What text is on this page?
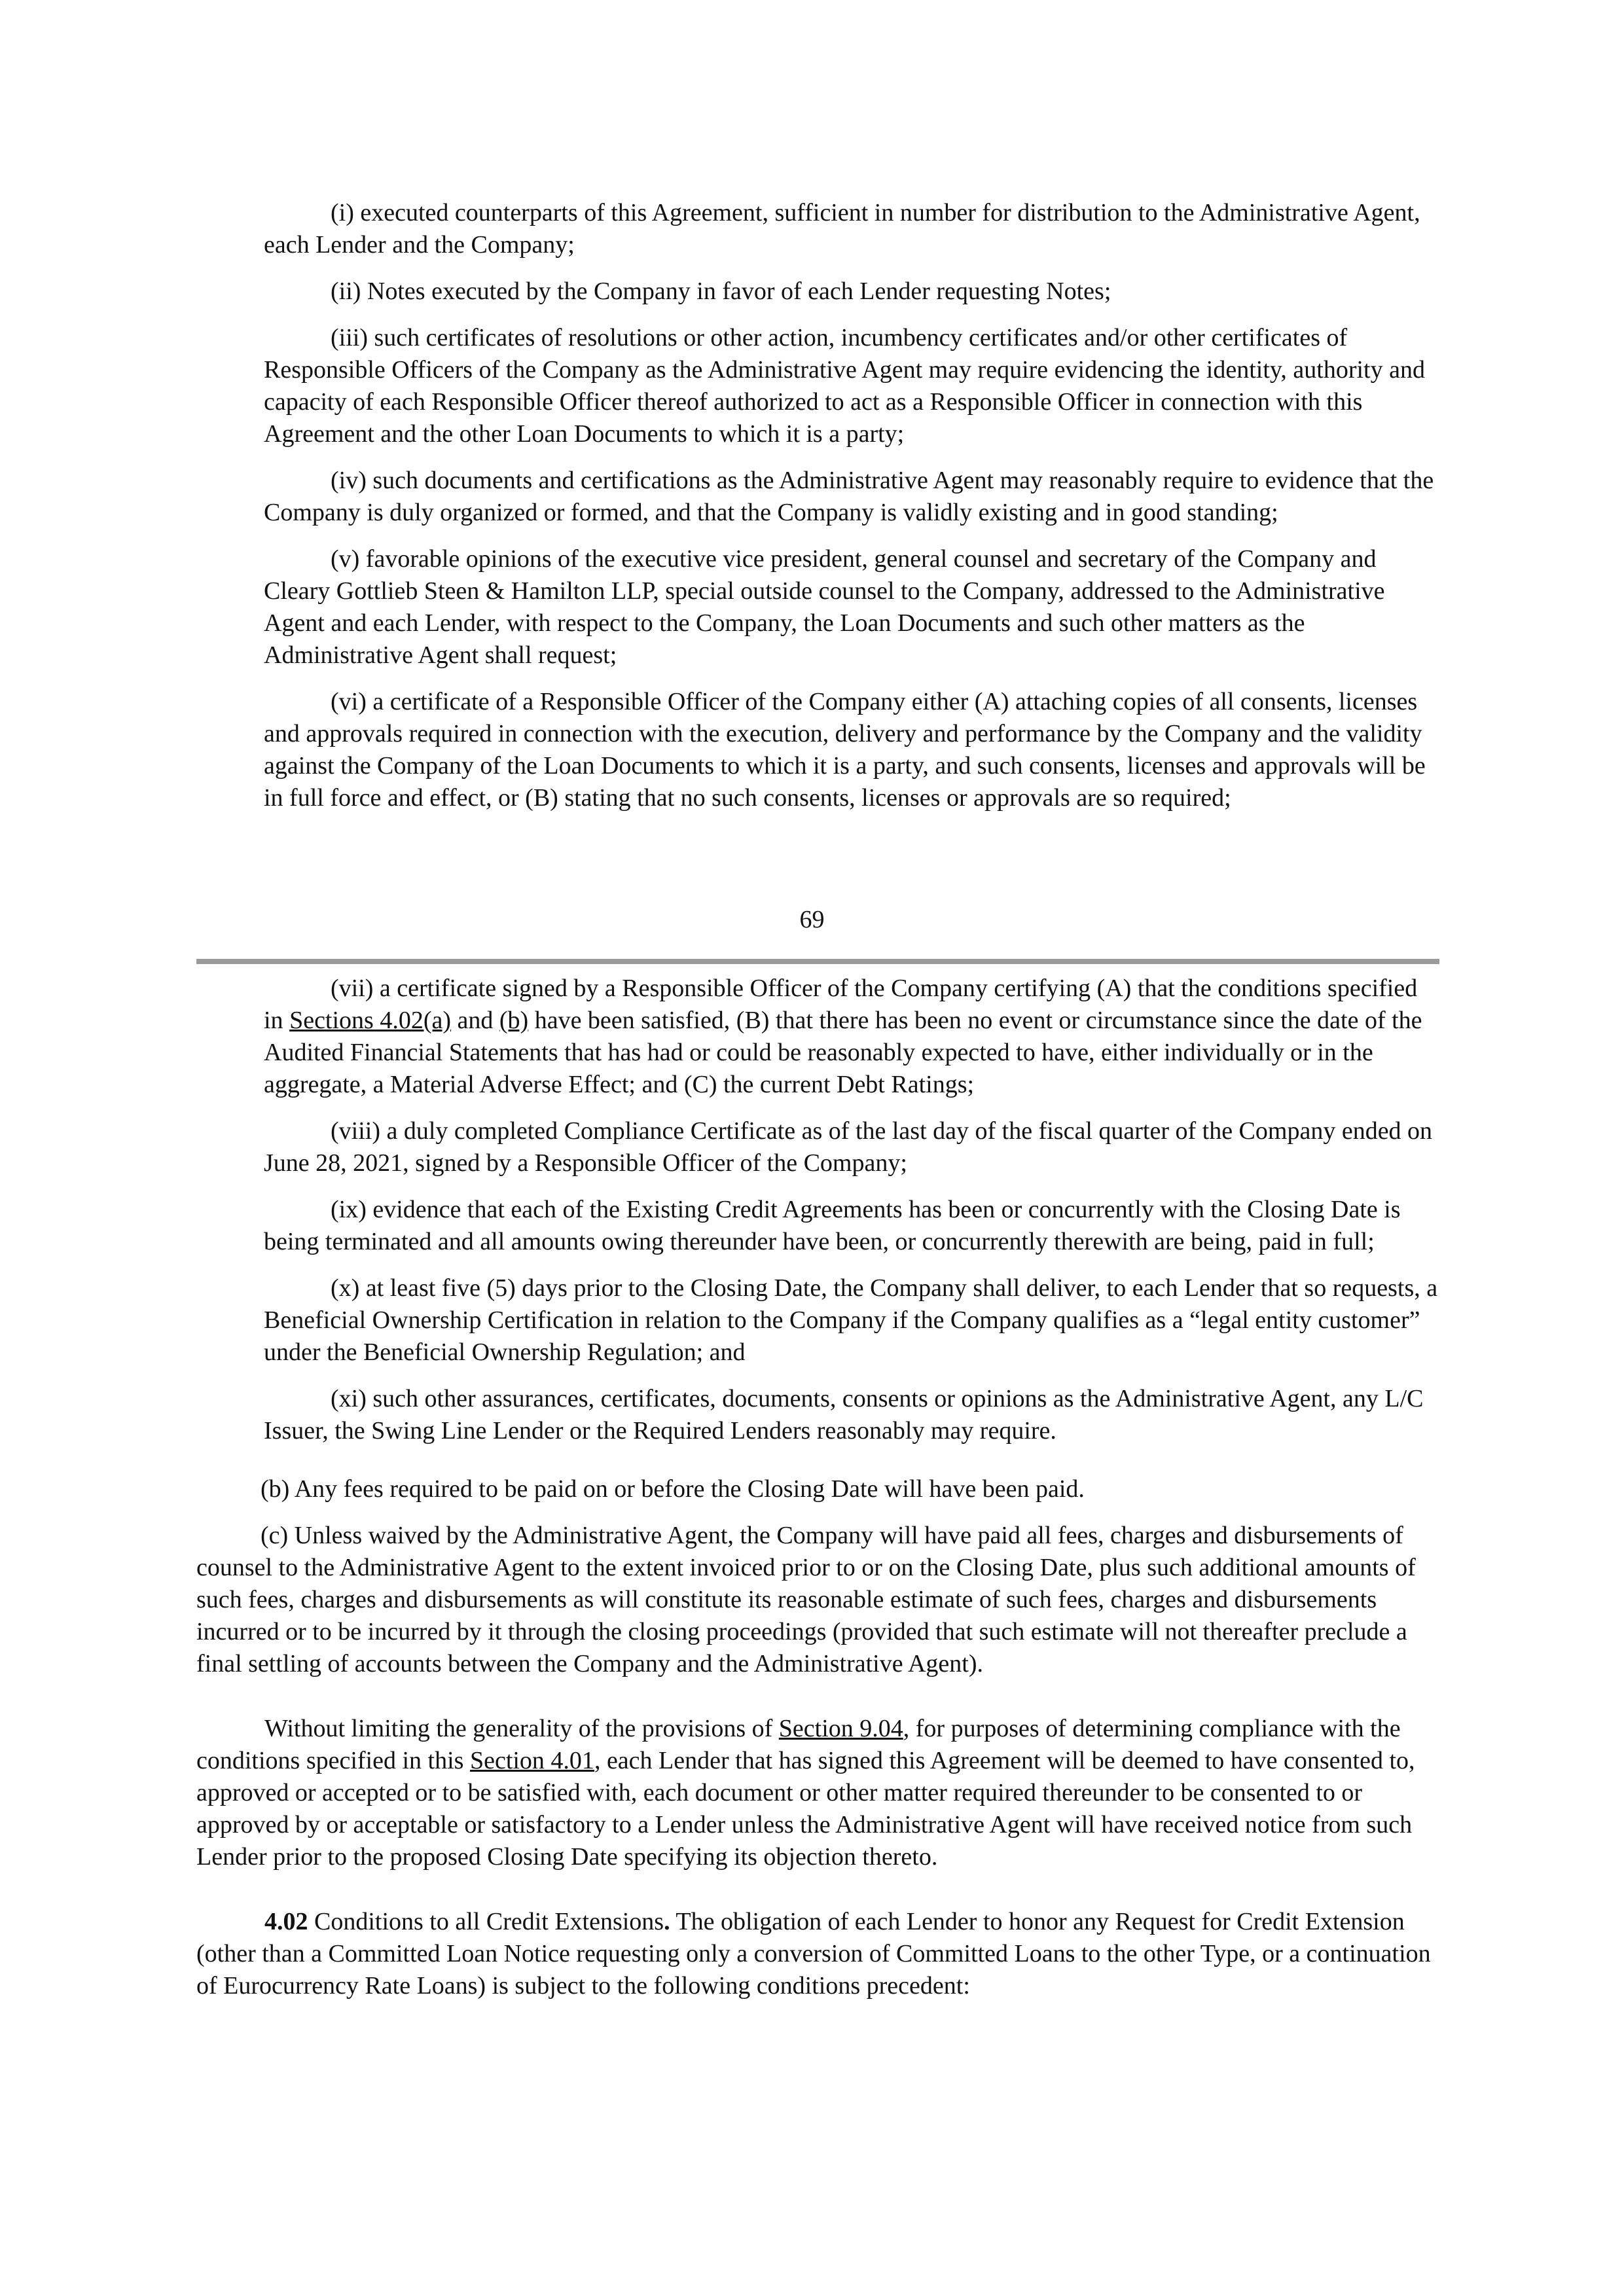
(i) executed counterparts of this Agreement, sufficient in number for distribution to the Administrative Agent, each Lender and the Company;

(ii) Notes executed by the Company in favor of each Lender requesting Notes;

(iii) such certificates of resolutions or other action, incumbency certificates and/or other certificates of Responsible Officers of the Company as the Administrative Agent may require evidencing the identity, authority and capacity of each Responsible Officer thereof authorized to act as a Responsible Officer in connection with this Agreement and the other Loan Documents to which it is a party;

(iv) such documents and certifications as the Administrative Agent may reasonably require to evidence that the Company is duly organized or formed, and that the Company is validly existing and in good standing;

(v) favorable opinions of the executive vice president, general counsel and secretary of the Company and Cleary Gottlieb Steen & Hamilton LLP, special outside counsel to the Company, addressed to the Administrative Agent and each Lender, with respect to the Company, the Loan Documents and such other matters as the Administrative Agent shall request;

(vi) a certificate of a Responsible Officer of the Company either (A) attaching copies of all consents, licenses and approvals required in connection with the execution, delivery and performance by the Company and the validity against the Company of the Loan Documents to which it is a party, and such consents, licenses and approvals will be in full force and effect, or (B) stating that no such consents, licenses or approvals are so required;

69

(vii) a certificate signed by a Responsible Officer of the Company certifying (A) that the conditions specified in Sections 4.02(a) and (b) have been satisfied, (B) that there has been no event or circumstance since the date of the Audited Financial Statements that has had or could be reasonably expected to have, either individually or in the aggregate, a Material Adverse Effect; and (C) the current Debt Ratings;

(viii) a duly completed Compliance Certificate as of the last day of the fiscal quarter of the Company ended on June 28, 2021, signed by a Responsible Officer of the Company;

(ix) evidence that each of the Existing Credit Agreements has been or concurrently with the Closing Date is being terminated and all amounts owing thereunder have been, or concurrently therewith are being, paid in full;

(x) at least five (5) days prior to the Closing Date, the Company shall deliver, to each Lender that so requests, a Beneficial Ownership Certification in relation to the Company if the Company qualifies as a “legal entity customer” under the Beneficial Ownership Regulation; and

(xi) such other assurances, certificates, documents, consents or opinions as the Administrative Agent, any L/C Issuer, the Swing Line Lender or the Required Lenders reasonably may require.

(b) Any fees required to be paid on or before the Closing Date will have been paid.

(c) Unless waived by the Administrative Agent, the Company will have paid all fees, charges and disbursements of counsel to the Administrative Agent to the extent invoiced prior to or on the Closing Date, plus such additional amounts of such fees, charges and disbursements as will constitute its reasonable estimate of such fees, charges and disbursements incurred or to be incurred by it through the closing proceedings (provided that such estimate will not thereafter preclude a final settling of accounts between the Company and the Administrative Agent).

Without limiting the generality of the provisions of Section 9.04, for purposes of determining compliance with the conditions specified in this Section 4.01, each Lender that has signed this Agreement will be deemed to have consented to, approved or accepted or to be satisfied with, each document or other matter required thereunder to be consented to or approved by or acceptable or satisfactory to a Lender unless the Administrative Agent will have received notice from such Lender prior to the proposed Closing Date specifying its objection thereto.

4.02 Conditions to all Credit Extensions. The obligation of each Lender to honor any Request for Credit Extension (other than a Committed Loan Notice requesting only a conversion of Committed Loans to the other Type, or a continuation of Eurocurrency Rate Loans) is subject to the following conditions precedent:
